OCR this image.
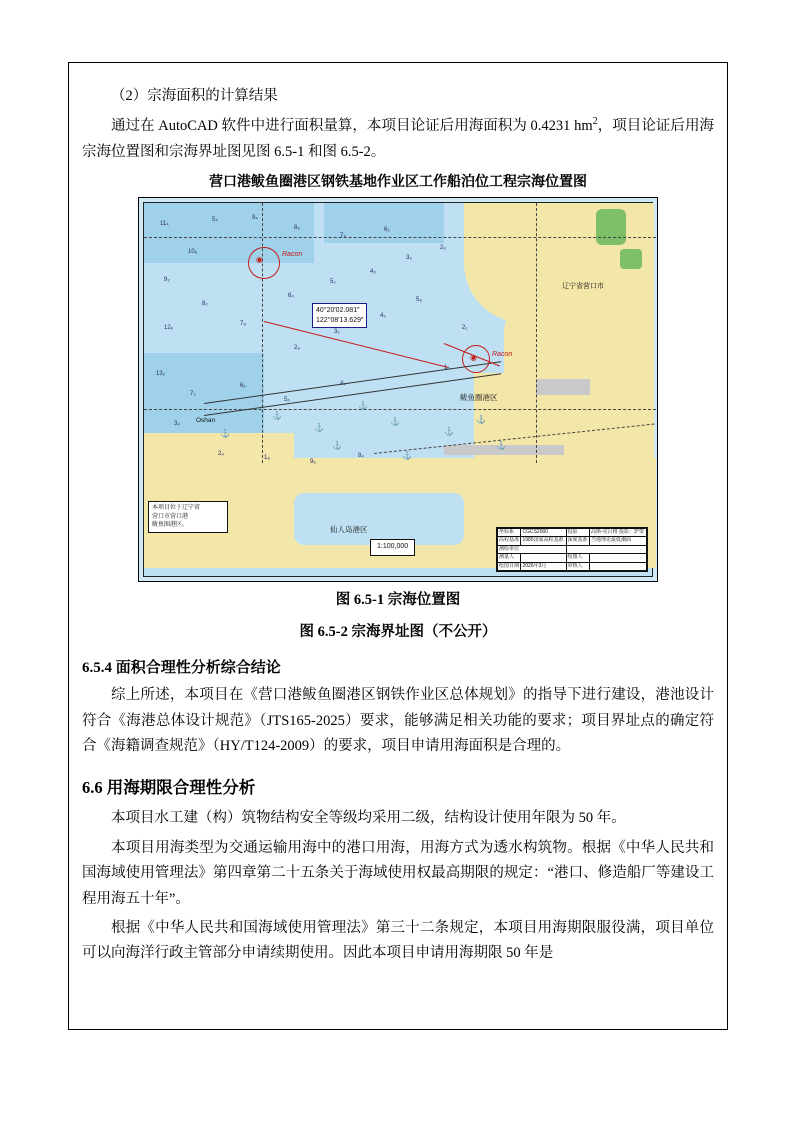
（2）宗海面积的计算结果

通过在 AutoCAD 软件中进行面积量算，本项目论证后用海面积为 0.4231 $hm^2$，项目论证后用海宗海位置图和宗海界址图见图 6.5-1 和图 6.5-2。

营口港鲅鱼圈港区钢铁基地作业区工作船泊位工程宗海位置图
◉
Racon
◉ Racon
⚓
⚓
⚓
⚓
⚓
⚓
⚓
⚓
⚓
⚓
11₄
10₈
9₂
8₂
7₈
6₄
5₂
4₃
3₆
2₉
2₁
1₆
5₄	9₄
8₆
7₄
6₂
5₈
4₂
3₂
2₈
12₆
13₂
7₂
6₆
5₆
4₄
3₄
2₄
1₈
9₆
8₄
Oshan
40°20′02.081″
122°08′13.629″
辽宁省营口市
鲅鱼圈港区
仙人岛港区
本项目位于辽宁省
营口市营口港
鲅鱼圈港区。
1:100,000
坐标系	CGCS2000	投影	高斯-克吕格 投影：3°带
高程基准	1985国家高程基准	深度基准	当地理论最低潮面
测绘单位			
测量人		绘图人	
绘图日期	2026年3月	审核人	
图 6.5-1 宗海位置图
图 6.5-2 宗海界址图（不公开）
6.5.4 面积合理性分析综合结论

综上所述，本项目在《营口港鲅鱼圈港区钢铁作业区总体规划》的指导下进行建设，港池设计符合《海港总体设计规范》（JTS165-2025）要求，能够满足相关功能的要求；项目界址点的确定符合《海籍调查规范》（HY/T124-2009）的要求，项目申请用海面积是合理的。

6.6 用海期限合理性分析

本项目水工建（构）筑物结构安全等级均采用二级，结构设计使用年限为 50 年。

本项目用海类型为交通运输用海中的港口用海，用海方式为透水构筑物。根据《中华人民共和国海域使用管理法》第四章第二十五条关于海域使用权最高期限的规定：“港口、修造船厂等建设工程用海五十年”。

根据《中华人民共和国海域使用管理法》第三十二条规定，本项目用海期限服役满，项目单位可以向海洋行政主管部分申请续期使用。因此本项目申请用海期限 50 年是
